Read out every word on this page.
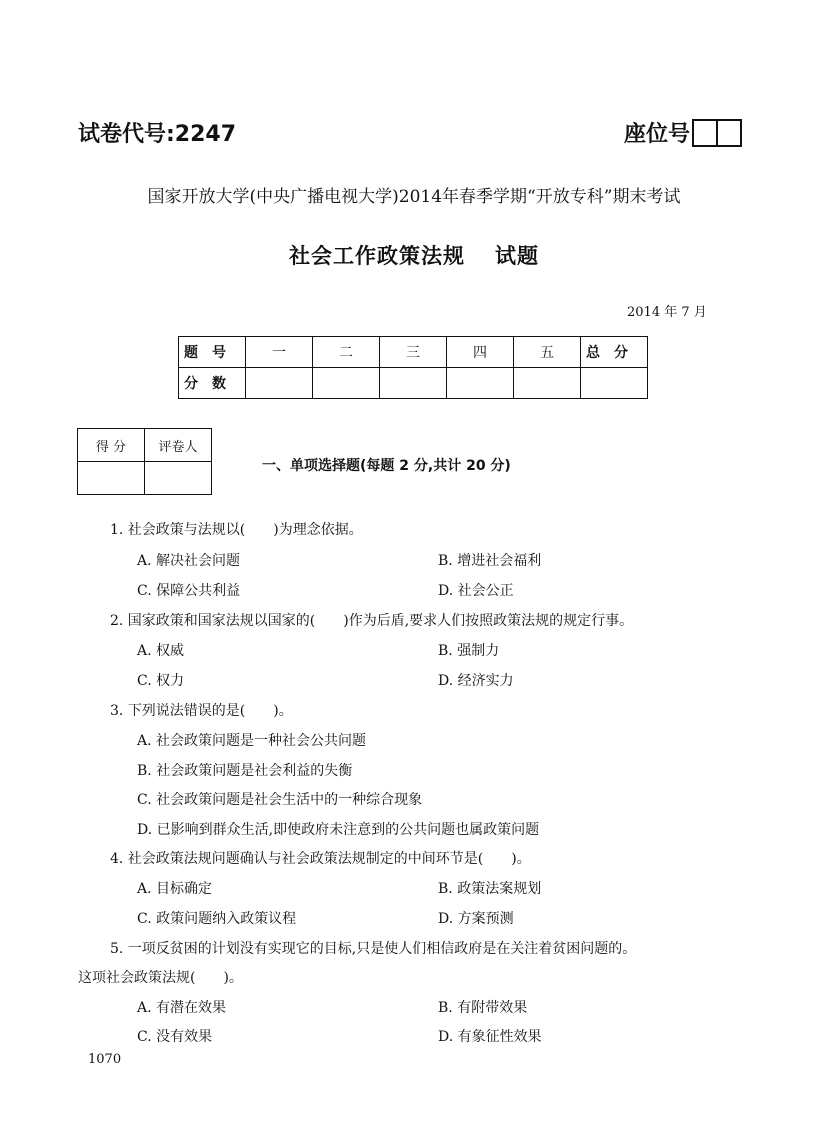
试卷代号:2247	座位号
国家开放大学(中央广播电视大学)2014年春季学期“开放专科”期末考试
社会工作政策法规 试题
2014 年 7 月
题号	一	二	三	四	五	总分
分数						
得 分	评卷人

一、单项选择题(每题 2 分,共计 20 分)
1. 社会政策与法规以(　　)为理念依据。
A. 解决社会问题	B. 增进社会福利
C. 保障公共利益	D. 社会公正
2. 国家政策和国家法规以国家的(　　)作为后盾,要求人们按照政策法规的规定行事。
A. 权威	B. 强制力
C. 权力	D. 经济实力
3. 下列说法错误的是(　　)。
A. 社会政策问题是一种社会公共问题
B. 社会政策问题是社会利益的失衡
C. 社会政策问题是社会生活中的一种综合现象
D. 已影响到群众生活,即使政府未注意到的公共问题也属政策问题
4. 社会政策法规问题确认与社会政策法规制定的中间环节是(　　)。
A. 目标确定	B. 政策法案规划
C. 政策问题纳入政策议程	D. 方案预测
5. 一项反贫困的计划没有实现它的目标,只是使人们相信政府是在关注着贫困问题的。
这项社会政策法规(　　)。
A. 有潜在效果	B. 有附带效果
C. 没有效果	D. 有象征性效果
1070
